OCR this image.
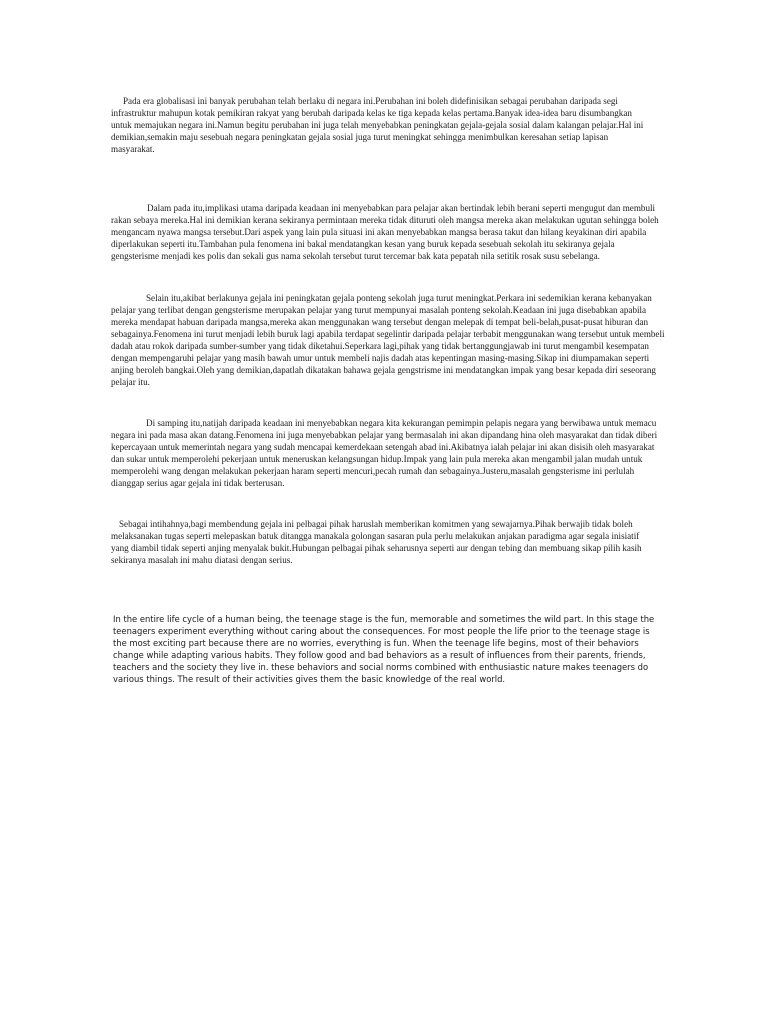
Pada era globalisasi ini banyak perubahan telah berlaku di negara ini.Perubahan ini boleh didefinisikan sebagai perubahan daripada segi infrastruktur mahupun kotak pemikiran rakyat yang berubah daripada kelas ke tiga kepada kelas pertama.Banyak idea-idea baru disumbangkan untuk memajukan negara ini.Namun begitu perubahan ini juga telah menyebabkan peningkatan gejala-gejala sosial dalam kalangan pelajar.Hal ini demikian,semakin maju sesebuah negara peningkatan gejala sosial juga turut meningkat sehingga menimbulkan keresahan setiap lapisan masyarakat.

Dalam pada itu,implikasi utama daripada keadaan ini menyebabkan para pelajar akan bertindak lebih berani seperti mengugut dan membuli rakan sebaya mereka.Hal ini demikian kerana sekiranya permintaan mereka tidak dituruti oleh mangsa mereka akan melakukan ugutan sehingga boleh mengancam nyawa mangsa tersebut.Dari aspek yang lain pula situasi ini akan menyebabkan mangsa berasa takut dan hilang keyakinan diri apabila diperlakukan seperti itu.Tambahan pula fenomena ini bakal mendatangkan kesan yang buruk kepada sesebuah sekolah itu sekiranya gejala gengsterisme menjadi kes polis dan sekali gus nama sekolah tersebut turut tercemar bak kata pepatah nila setitik rosak susu sebelanga.

Selain itu,akibat berlakunya gejala ini peningkatan gejala ponteng sekolah juga turut meningkat.Perkara ini sedemikian kerana kebanyakan pelajar yang terlibat dengan gengsterisme merupakan pelajar yang turut mempunyai masalah ponteng sekolah.Keadaan ini juga disebabkan apabila mereka mendapat habuan daripada mangsa,mereka akan menggunakan wang tersebut dengan melepak di tempat beli-belah,pusat-pusat hiburan dan sebagainya.Fenomena ini turut menjadi lebih buruk lagi apabila terdapat segelintir daripada pelajar terbabit menggunakan wang tersebut untuk membeli dadah atau rokok daripada sumber-sumber yang tidak diketahui.Seperkara lagi,pihak yang tidak bertanggungjawab ini turut mengambil kesempatan dengan mempengaruhi pelajar yang masih bawah umur untuk membeli najis dadah atas kepentingan masing-masing.Sikap ini diumpamakan seperti anjing beroleh bangkai.Oleh yang demikian,dapatlah dikatakan bahawa gejala gengstrisme ini mendatangkan impak yang besar kepada diri seseorang pelajar itu.

Di samping itu,natijah daripada keadaan ini menyebabkan negara kita kekurangan pemimpin pelapis negara yang berwibawa untuk memacu negara ini pada masa akan datang.Fenomena ini juga menyebabkan pelajar yang bermasalah ini akan dipandang hina oleh masyarakat dan tidak diberi kepercayaan untuk memerintah negara yang sudah mencapai kemerdekaan setengah abad ini.Akibatnya ialah pelajar ini akan disisih oleh masyarakat dan sukar untuk memperolehi pekerjaan untuk meneruskan kelangsungan hidup.Impak yang lain pula mereka akan mengambil jalan mudah untuk memperolehi wang dengan melakukan pekerjaan haram seperti mencuri,pecah rumah dan sebagainya.Justeru,masalah gengsterisme ini perlulah dianggap serius agar gejala ini tidak berterusan.

Sebagai intihahnya,bagi membendung gejala ini pelbagai pihak haruslah memberikan komitmen yang sewajarnya.Pihak berwajib tidak boleh melaksanakan tugas seperti melepaskan batuk ditangga manakala golongan sasaran pula perlu melakukan anjakan paradigma agar segala inisiatif yang diambil tidak seperti anjing menyalak bukit.Hubungan pelbagai pihak seharusnya seperti aur dengan tebing dan membuang sikap pilih kasih sekiranya masalah ini mahu diatasi dengan serius.

In the entire life cycle of a human being, the teenage stage is the fun, memorable and sometimes the wild part. In this stage the teenagers experiment everything without caring about the consequences. For most people the life prior to the teenage stage is the most exciting part because there are no worries, everything is fun. When the teenage life begins, most of their behaviors change while adapting various habits. They follow good and bad behaviors as a result of influences from their parents, friends, teachers and the society they live in. these behaviors and social norms combined with enthusiastic nature makes teenagers do various things. The result of their activities gives them the basic knowledge of the real world.
